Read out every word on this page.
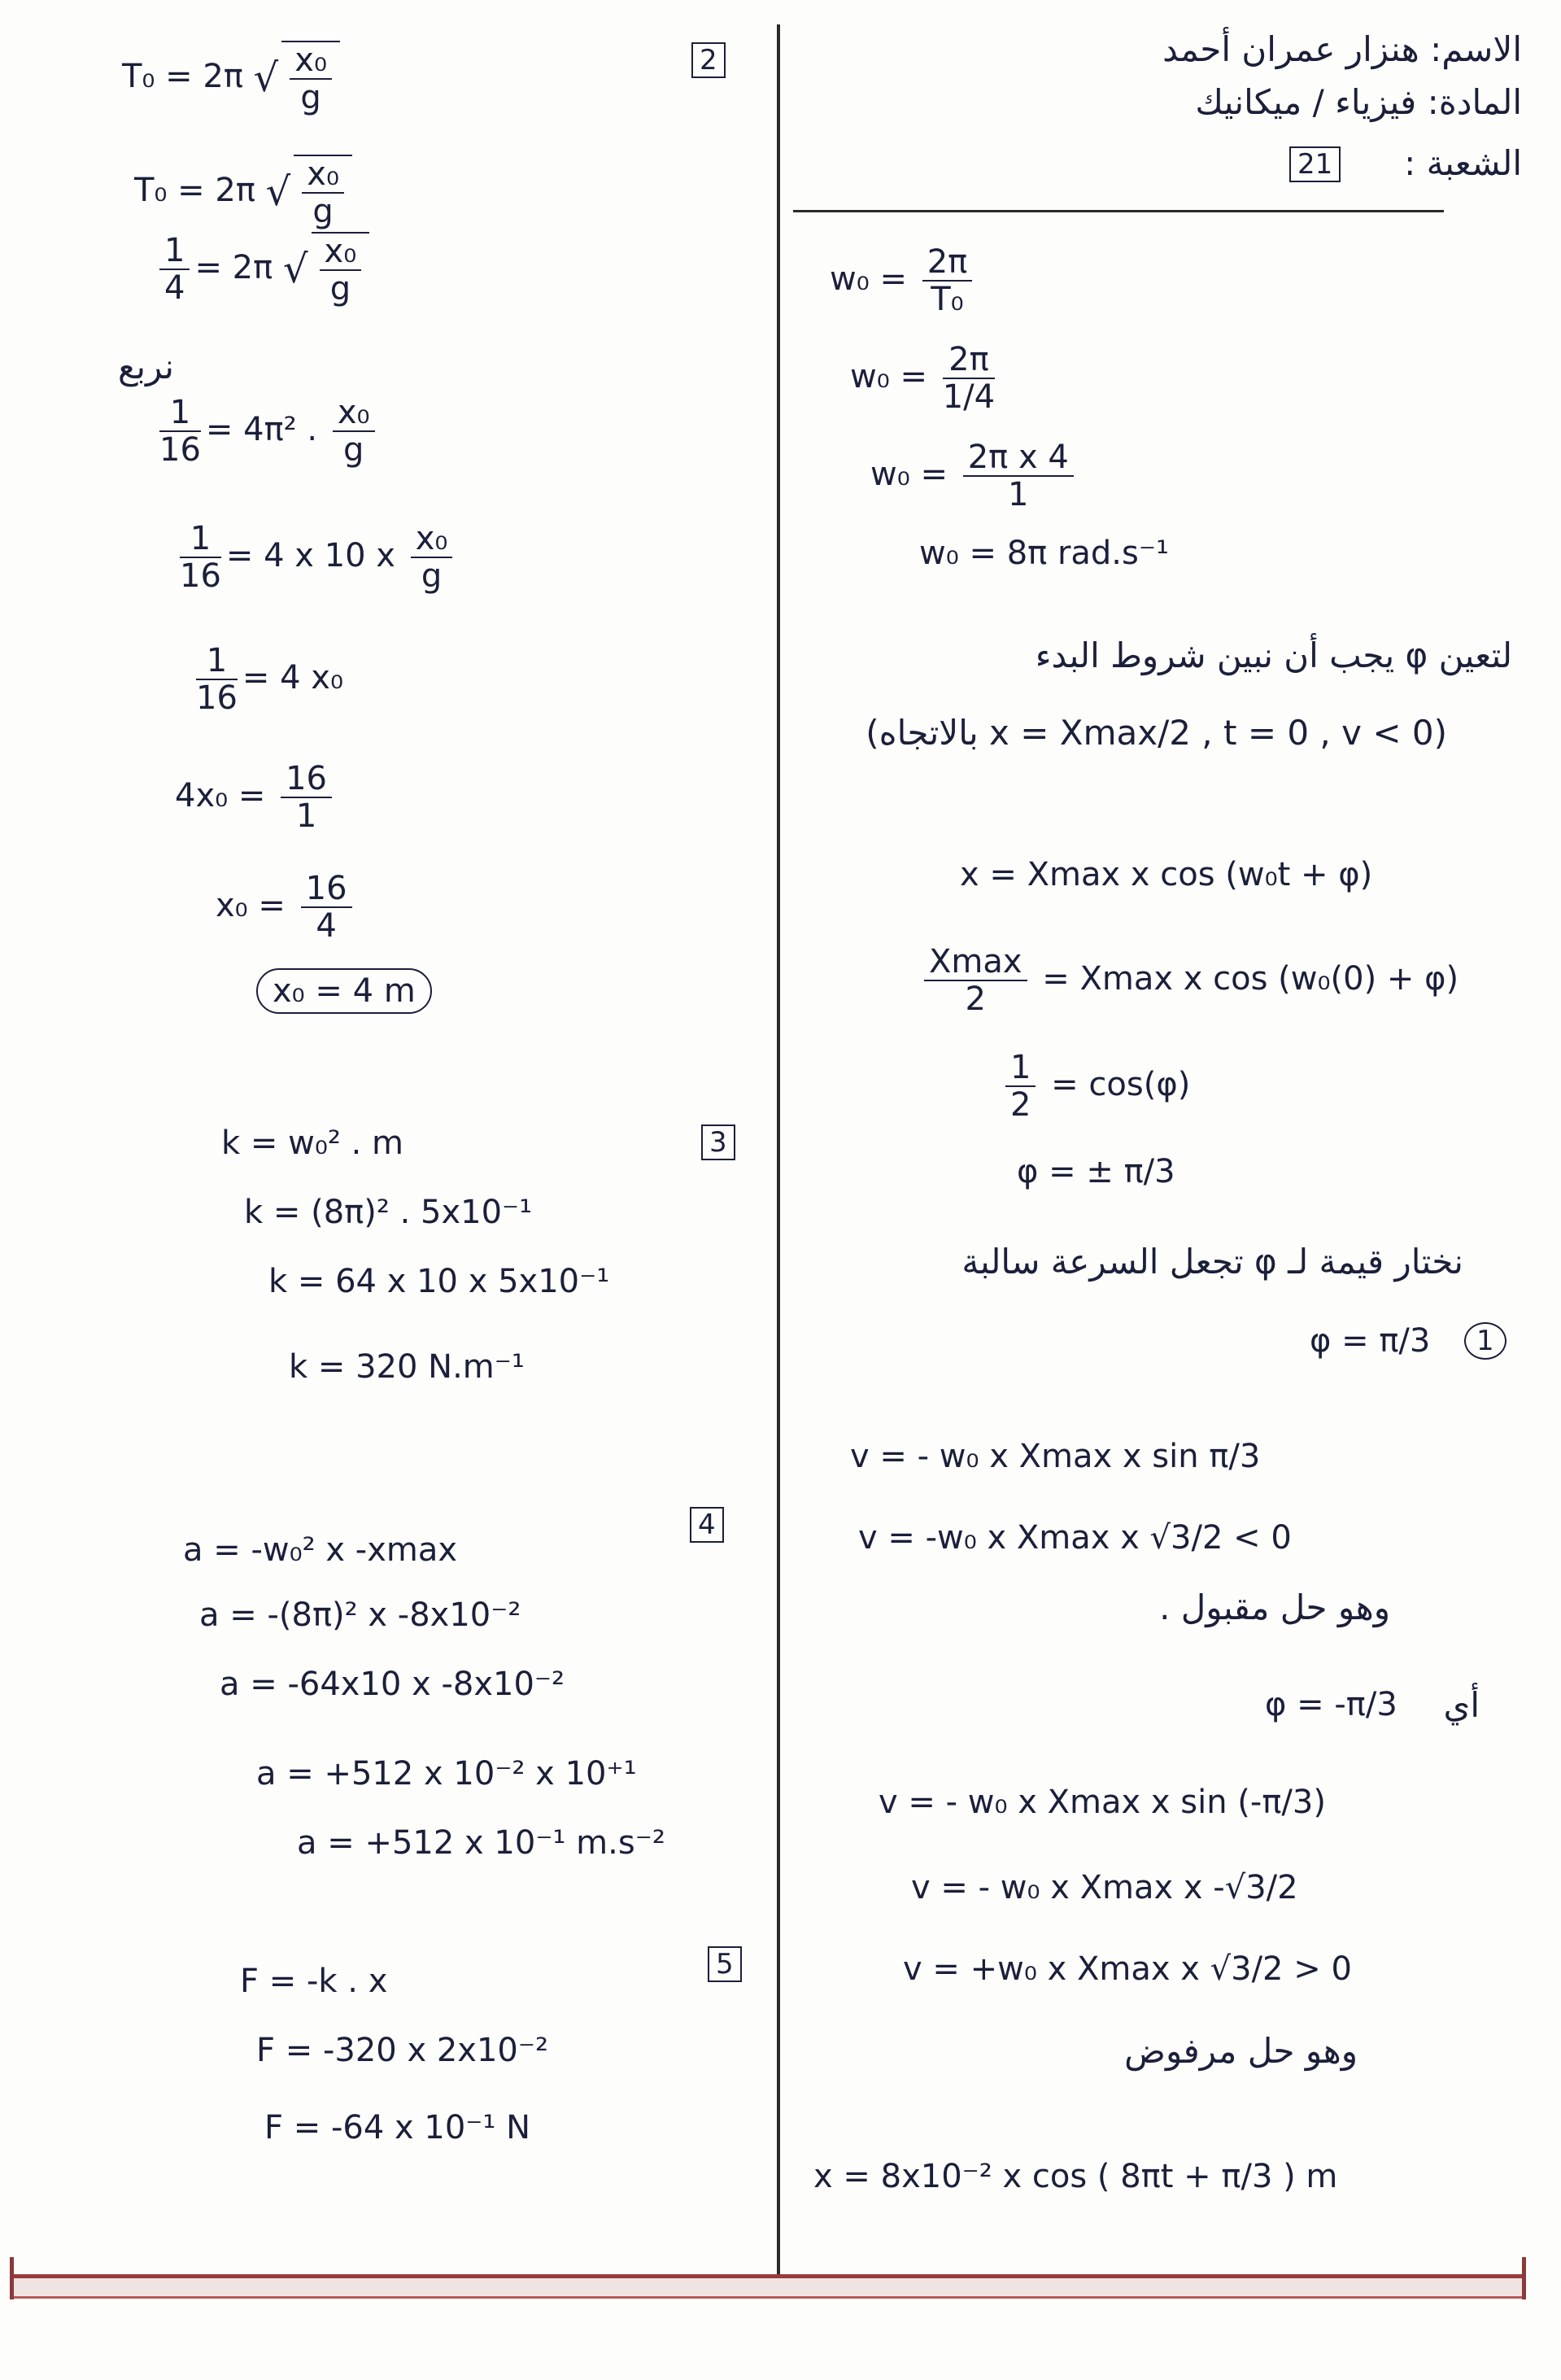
الاسم: هنزار عمران أحمد
المادة: فيزياء / ميكانيك
الشعبة :
21
2
T₀ = 2π √ $\frac{\text{x₀}}{g}$
T₀ = 2π √ $\frac{\text{x₀}}{g}$
$\frac{1}{4} = 2\pi$ √ $\frac{\text{x₀}}{g}$
نربع
$\frac{1}{16} = 4\pi^2$ . $\frac{\text{x₀}}{g}$
$\frac{1}{16} = 4$ x 10 x $\frac{\text{x₀}}{g}$
$\frac{1}{16} = 4$ x₀
$4x_0 = \frac{16}{1}$
$x_0 = \frac{16}{4}$
x₀ = 4 m
3
k = w₀² . m
k = (8π)² . 5x10⁻¹
k = 64 x 10 x 5x10⁻¹
k = 320 N.m⁻¹
4
a = -w₀² x -xmax
a = -(8π)² x -8x10⁻²
a = -64x10 x -8x10⁻²
a = +512 x 10⁻² x 10⁺¹
a = +512 x 10⁻¹ m.s⁻²
5
F = -k . x
F = -320 x 2x10⁻²
F = -64 x 10⁻¹ N
$w_0 = \frac{2\pi}{\text{T₀}}$
$w_0 = \frac{2\pi}{1/4}$
$w_0 = \frac{\text{2π x 4}}{1}$
w₀ = 8π rad.s⁻¹
لتعين φ يجب أن نبين شروط البدء
(x = Xmax/2 , t = 0 , v < 0 بالاتجاه)
x = Xmax x cos (w₀t + φ)
$\frac{Xmax}{2} = Xmax$ x cos (w₀(0) + φ)
$\frac{1}{2} = \cos(\varphi)$
φ = ± π/3
نختار قيمة لـ φ تجعل السرعة سالبة
1
φ = π/3
v = - w₀ x Xmax x sin π/3
v = -w₀ x Xmax x √3/2 < 0
وهو حل مقبول .
أي
φ = -π/3
v = - w₀ x Xmax x sin (-π/3)
v = - w₀ x Xmax x -√3/2
v = +w₀ x Xmax x √3/2 > 0
وهو حل مرفوض
x = 8x10⁻² x cos ( 8πt + π/3 ) m
